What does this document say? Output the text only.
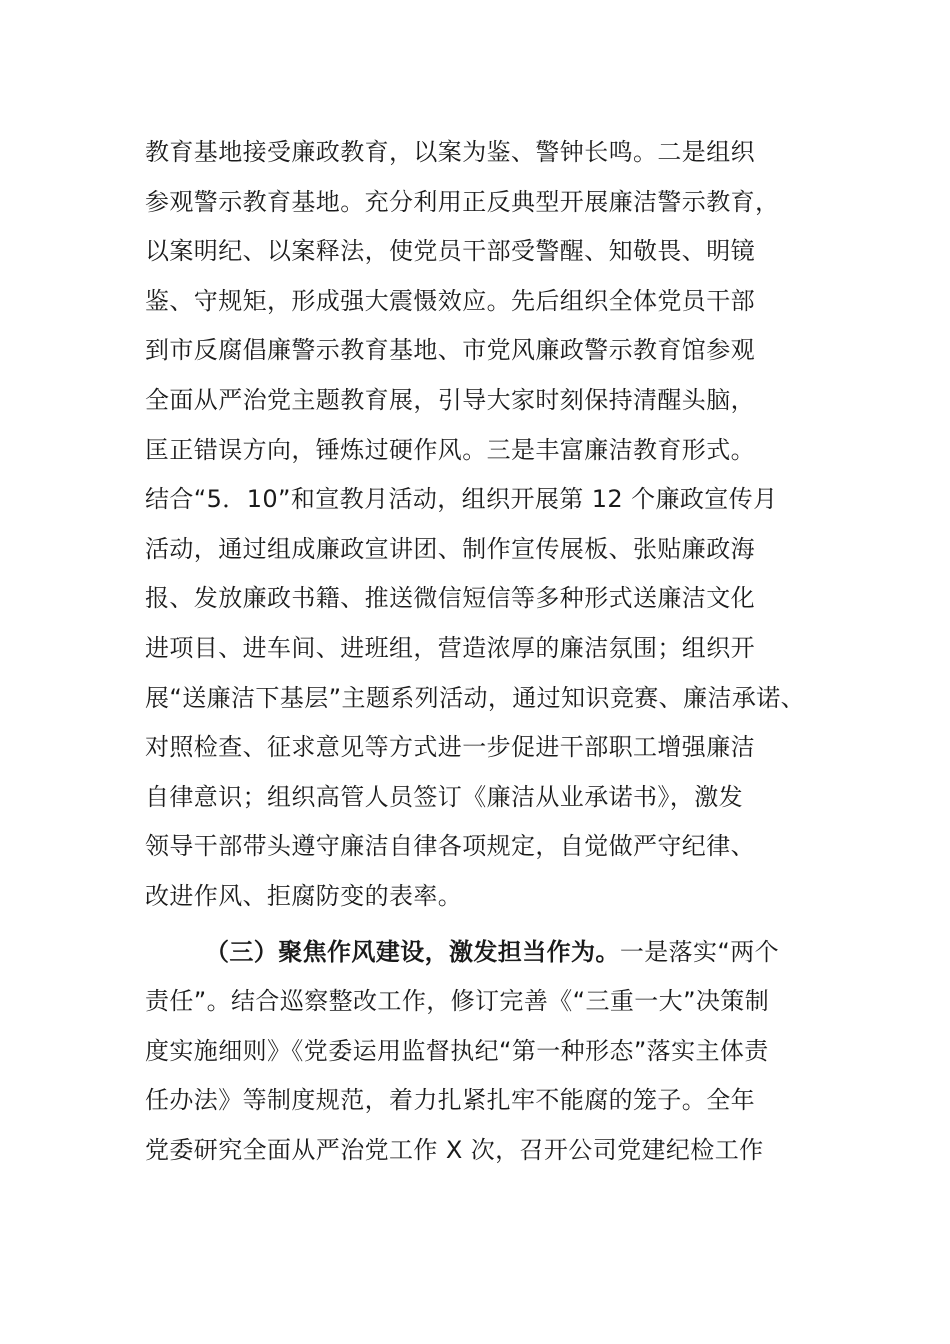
教育基地接受廉政教育，以案为鉴、警钟长鸣。二是组织
参观警示教育基地。充分利用正反典型开展廉洁警示教育，
以案明纪、以案释法，使党员干部受警醒、知敬畏、明镜
鉴、守规矩，形成强大震慑效应。先后组织全体党员干部
到市反腐倡廉警示教育基地、市党风廉政警示教育馆参观
全面从严治党主题教育展，引导大家时刻保持清醒头脑，
匡正错误方向，锤炼过硬作风。三是丰富廉洁教育形式。
结合“5．10”和宣教月活动，组织开展第 12 个廉政宣传月
活动，通过组成廉政宣讲团、制作宣传展板、张贴廉政海
报、发放廉政书籍、推送微信短信等多种形式送廉洁文化
进项目、进车间、进班组，营造浓厚的廉洁氛围；组织开
展“送廉洁下基层”主题系列活动，通过知识竞赛、廉洁承诺、
对照检查、征求意见等方式进一步促进干部职工增强廉洁
自律意识；组织高管人员签订《廉洁从业承诺书》，激发
领导干部带头遵守廉洁自律各项规定，自觉做严守纪律、
改进作风、拒腐防变的表率。
（三）聚焦作风建设，激发担当作为。一是落实“两个
责任”。结合巡察整改工作，修订完善《“三重一大”决策制
度实施细则》《党委运用监督执纪“第一种形态”落实主体责
任办法》等制度规范，着力扎紧扎牢不能腐的笼子。全年
党委研究全面从严治党工作 X 次，召开公司党建纪检工作
